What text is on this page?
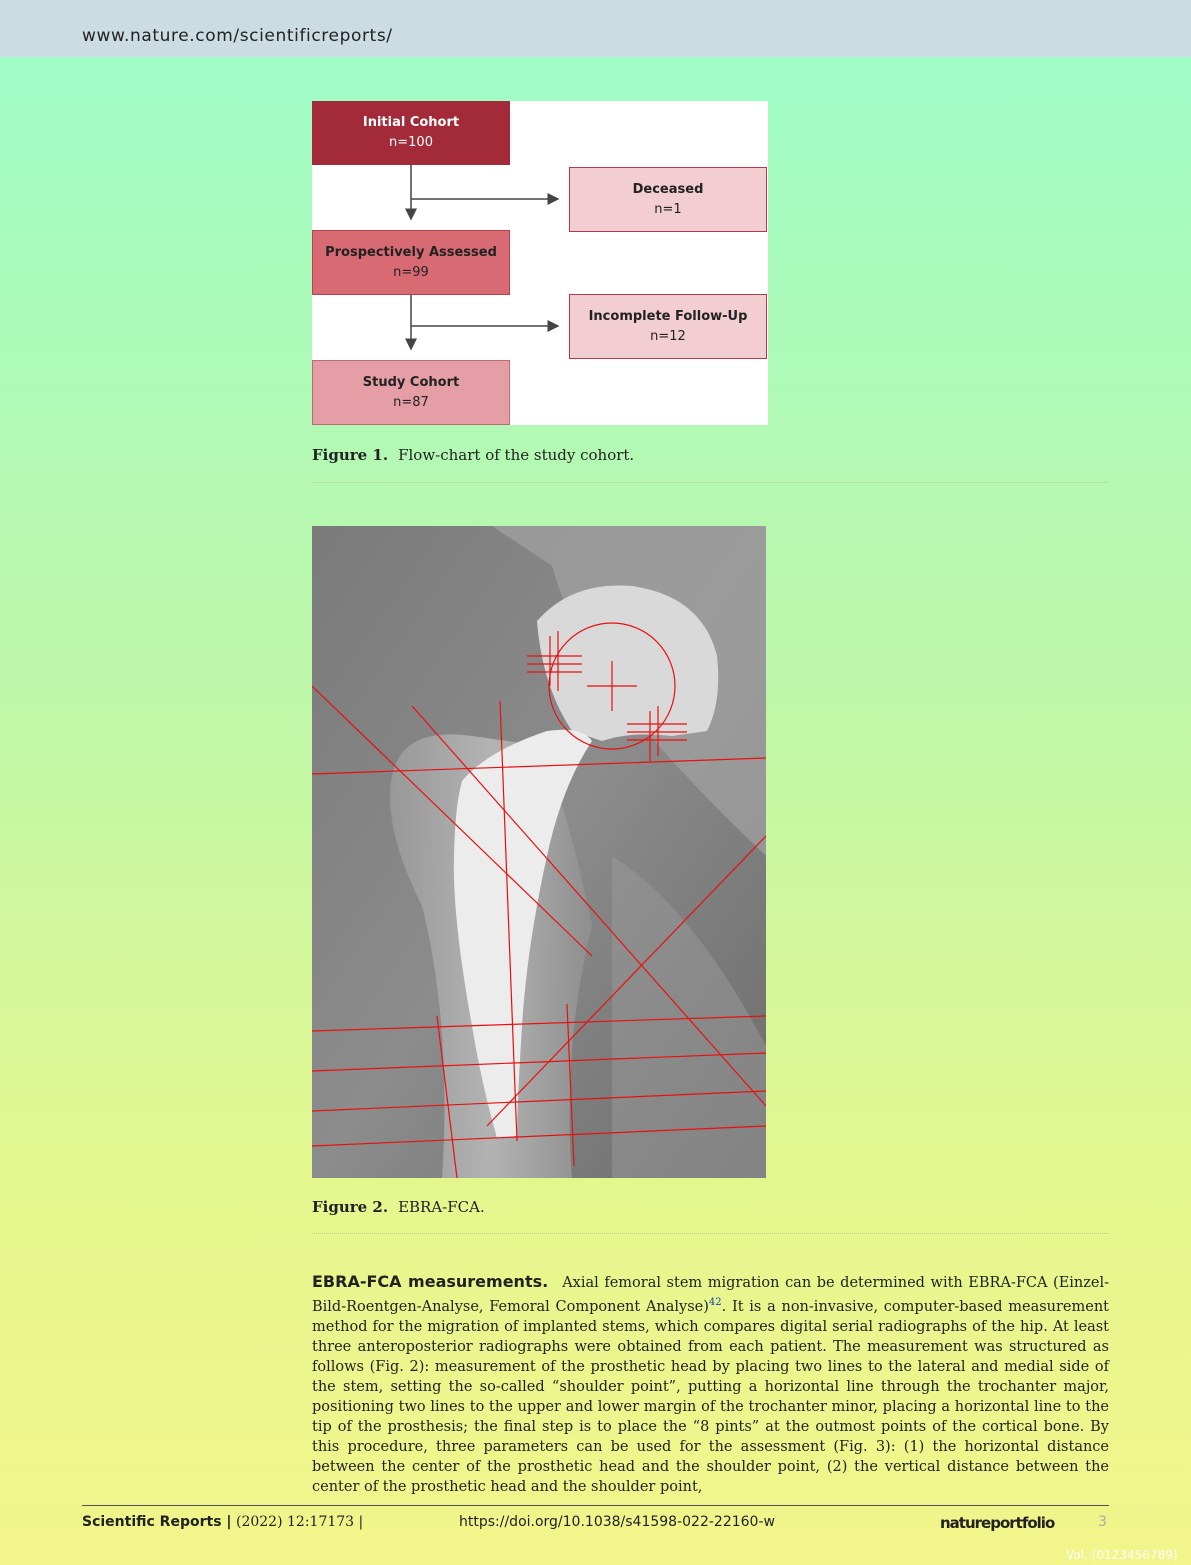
www.nature.com/scientificreports/
Initial Cohort
n=100
Prospectively Assessed
n=99
Study Cohort
n=87
Deceased
n=1
Incomplete Follow-Up
n=12
Figure 1. Flow-chart of the study cohort.
Figure 2. EBRA-FCA.
EBRA-FCA measurements. Axial femoral stem migration can be determined with EBRA-FCA (Einzel-Bild-Roentgen-Analyse, Femoral Component Analyse)$^{42}$. It is a non-invasive, computer-based measurement method for the migration of implanted stems, which compares digital serial radiographs of the hip. At least three anteroposterior radiographs were obtained from each patient. The measurement was structured as follows (Fig. 2): measurement of the prosthetic head by placing two lines to the lateral and medial side of the stem, setting the so-called “shoulder point”, putting a horizontal line through the trochanter major, positioning two lines to the upper and lower margin of the trochanter minor, placing a horizontal line to the tip of the prosthesis; the final step is to place the “8 pints” at the outmost points of the cortical bone. By this procedure, three parameters can be used for the assessment (Fig. 3): (1) the horizontal distance between the center of the prosthetic head and the shoulder point, (2) the vertical distance between the center of the prosthetic head and the shoulder point,
Scientific Reports | (2022) 12:17173 |	https://doi.org/10.1038/s41598-022-22160-w	natureportfolio	3
Vol.:(0123456789)
